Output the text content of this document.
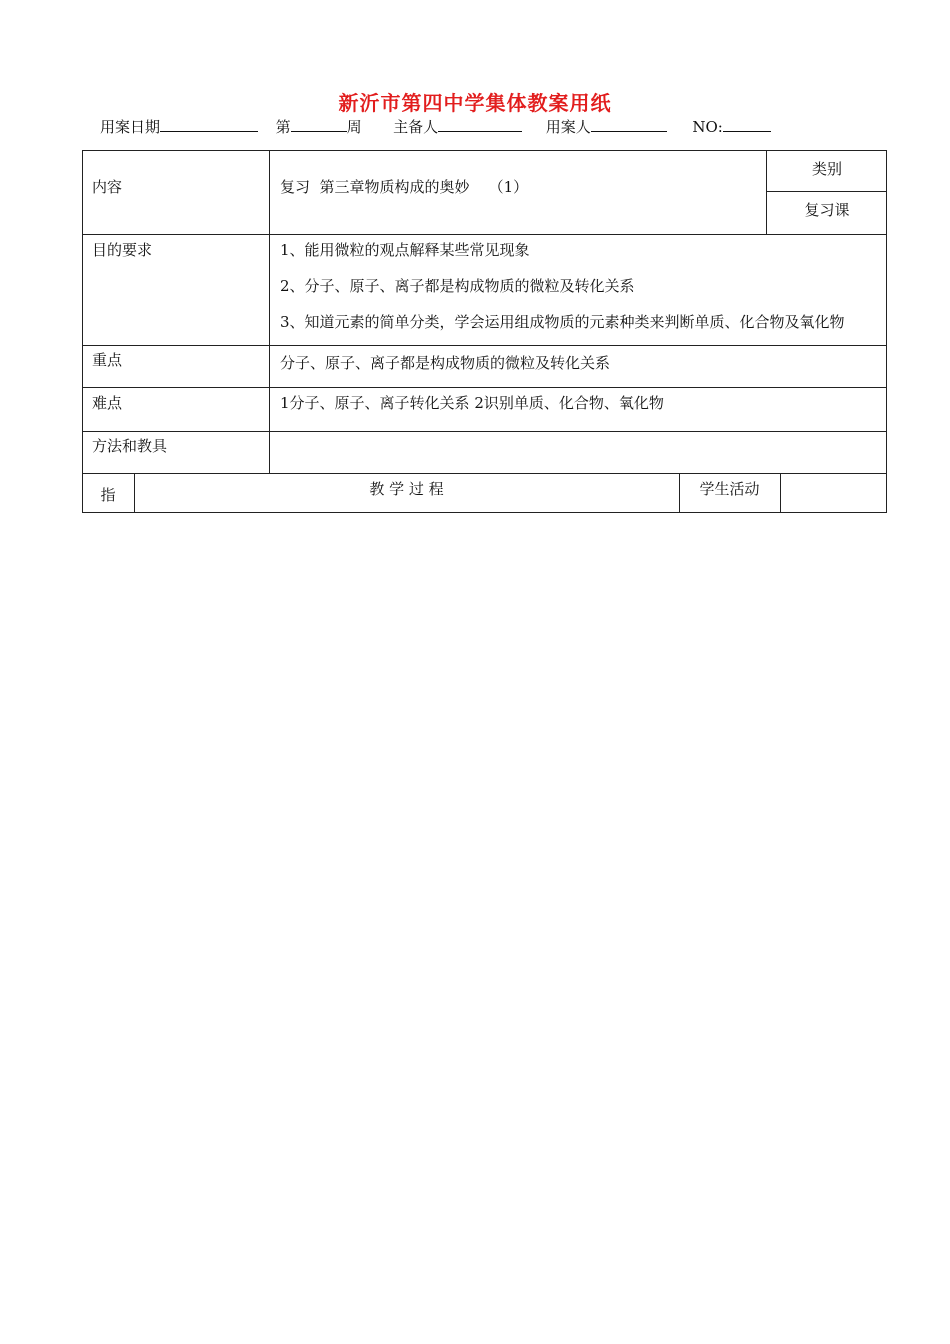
新沂市第四中学集体教案用纸
用案日期	第	周 主备人	用案人	NO:
内容	复习  第三章物质构成的奥妙    （1）
类别
复习课
目的要求	1、能用微粒的观点解释某些常见现象
2、分子、原子、离子都是构成物质的微粒及转化关系
3、知道元素的简单分类，学会运用组成物质的元素种类来判断单质、化合物及氧化物
重点	分子、原子、离子都是构成物质的微粒及转化关系
难点	1分子、原子、离子转化关系 2识别单质、化合物、氧化物
方法和教具
指	教 学 过 程	学生活动
